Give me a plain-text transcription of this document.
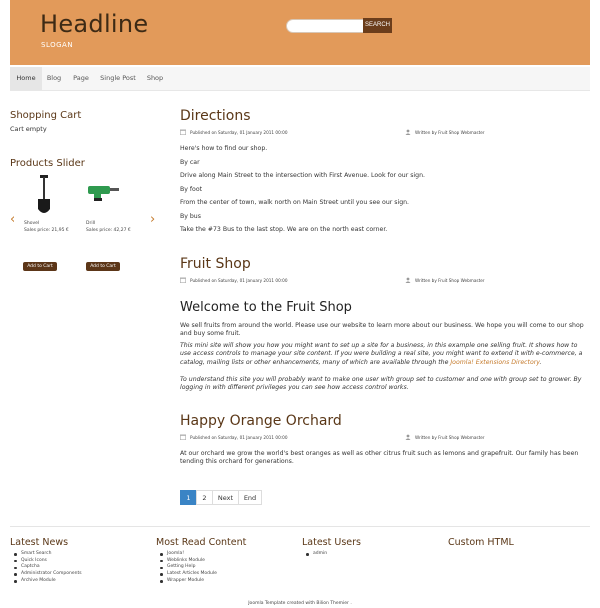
Headline
SLOGAN
SEARCH
Home	Blog	Page	Single Post	Shop
Shopping Cart
Cart empty
Products Slider
‹	›
Shovel
Sales price: 21,95 €
Add to Cart
Drill
Sales price: 42,27 €
Add to Cart
Directions
Published on Saturday, 01 January 2011 00:00	Written by Fruit Shop Webmaster
Here's how to find our shop.
By car
Drive along Main Street to the intersection with First Avenue. Look for our sign.
By foot
From the center of town, walk north on Main Street until you see our sign.
By bus
Take the #73 Bus to the last stop. We are on the north east corner.
Fruit Shop
Published on Saturday, 01 January 2011 00:00	Written by Fruit Shop Webmaster
Welcome to the Fruit Shop
We sell fruits from around the world. Please use our website to learn more about our business. We hope you will come to our shop and buy some fruit.
This mini site will show you how you might want to set up a site for a business, in this example one selling fruit. It shows how to use access controls to manage your site content. If you were building a real site, you might want to extend it with e-commerce, a catalog, mailing lists or other enhancements, many of which are available through the Joomla! Extensions Directory.
To understand this site you will probably want to make one user with group set to customer and one with group set to grower. By logging in with different privileges you can see how access control works.
Happy Orange Orchard
Published on Saturday, 01 January 2011 00:00	Written by Fruit Shop Webmaster
At our orchard we grow the world's best oranges as well as other citrus fruit such as lemons and grapefruit. Our family has been tending this orchard for generations.
1	2	Next	End
Latest News
Smart Search
Quick Icons
Captcha
Administrator Components
Archive Module
Most Read Content
Joomla!
Weblinks Module
Getting Help
Latest Articles Module
Wrapper Module
Latest Users
admin
Custom HTML
Joomla Template created with Bilion Themier .
